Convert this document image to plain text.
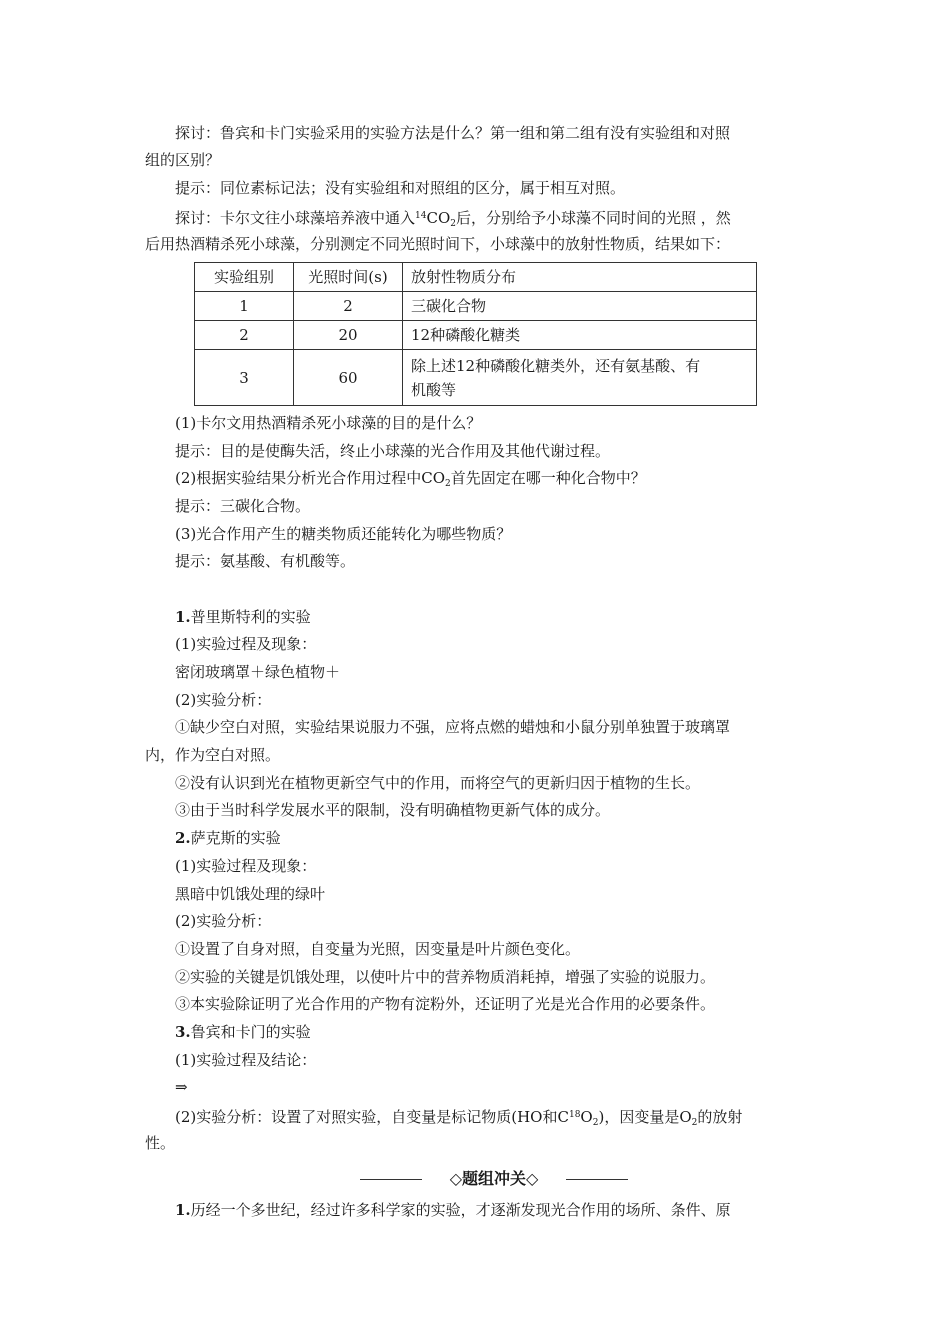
探讨：鲁宾和卡门实验采用的实验方法是什么？第一组和第二组有没有实验组和对照
组的区别？
提示：同位素标记法；没有实验组和对照组的区分，属于相互对照。
探讨：卡尔文往小球藻培养液中通入$^{14}CO_2$后，分别给予小球藻不同时间的光照 ，然
后用热酒精杀死小球藻，分别测定不同光照时间下，小球藻中的放射性物质，结果如下：
实验组别	光照时间(s)	放射性物质分布
1	2	三碳化合物
2	20	12种磷酸化糖类
3	60	除上述12种磷酸化糖类外，还有氨基酸、有
机酸等
(1)卡尔文用热酒精杀死小球藻的目的是什么？
提示：目的是使酶失活，终止小球藻的光合作用及其他代谢过程。
(2)根据实验结果分析光合作用过程中$CO_2$首先固定在哪一种化合物中？
提示：三碳化合物。
(3)光合作用产生的糖类物质还能转化为哪些物质？
提示：氨基酸、有机酸等。
1.普里斯特利的实验
(1)实验过程及现象：
密闭玻璃罩＋绿色植物＋
(2)实验分析：
①缺少空白对照，实验结果说服力不强，应将点燃的蜡烛和小鼠分别单独置于玻璃罩
内，作为空白对照。
②没有认识到光在植物更新空气中的作用，而将空气的更新归因于植物的生长。
③由于当时科学发展水平的限制，没有明确植物更新气体的成分。
2.萨克斯的实验
(1)实验过程及现象：
黑暗中饥饿处理的绿叶
(2)实验分析：
①设置了自身对照，自变量为光照，因变量是叶片颜色变化。
②实验的关键是饥饿处理，以使叶片中的营养物质消耗掉，增强了实验的说服力。
③本实验除证明了光合作用的产物有淀粉外，还证明了光是光合作用的必要条件。
3.鲁宾和卡门的实验
(1)实验过程及结论：
⇒
(2)实验分析：设置了对照实验，自变量是标记物质(HO和$C^{18}O_2$)，因变量是$O_2$的放射
性。
◇题组冲关◇
1.历经一个多世纪，经过许多科学家的实验，才逐渐发现光合作用的场所、条件、原
